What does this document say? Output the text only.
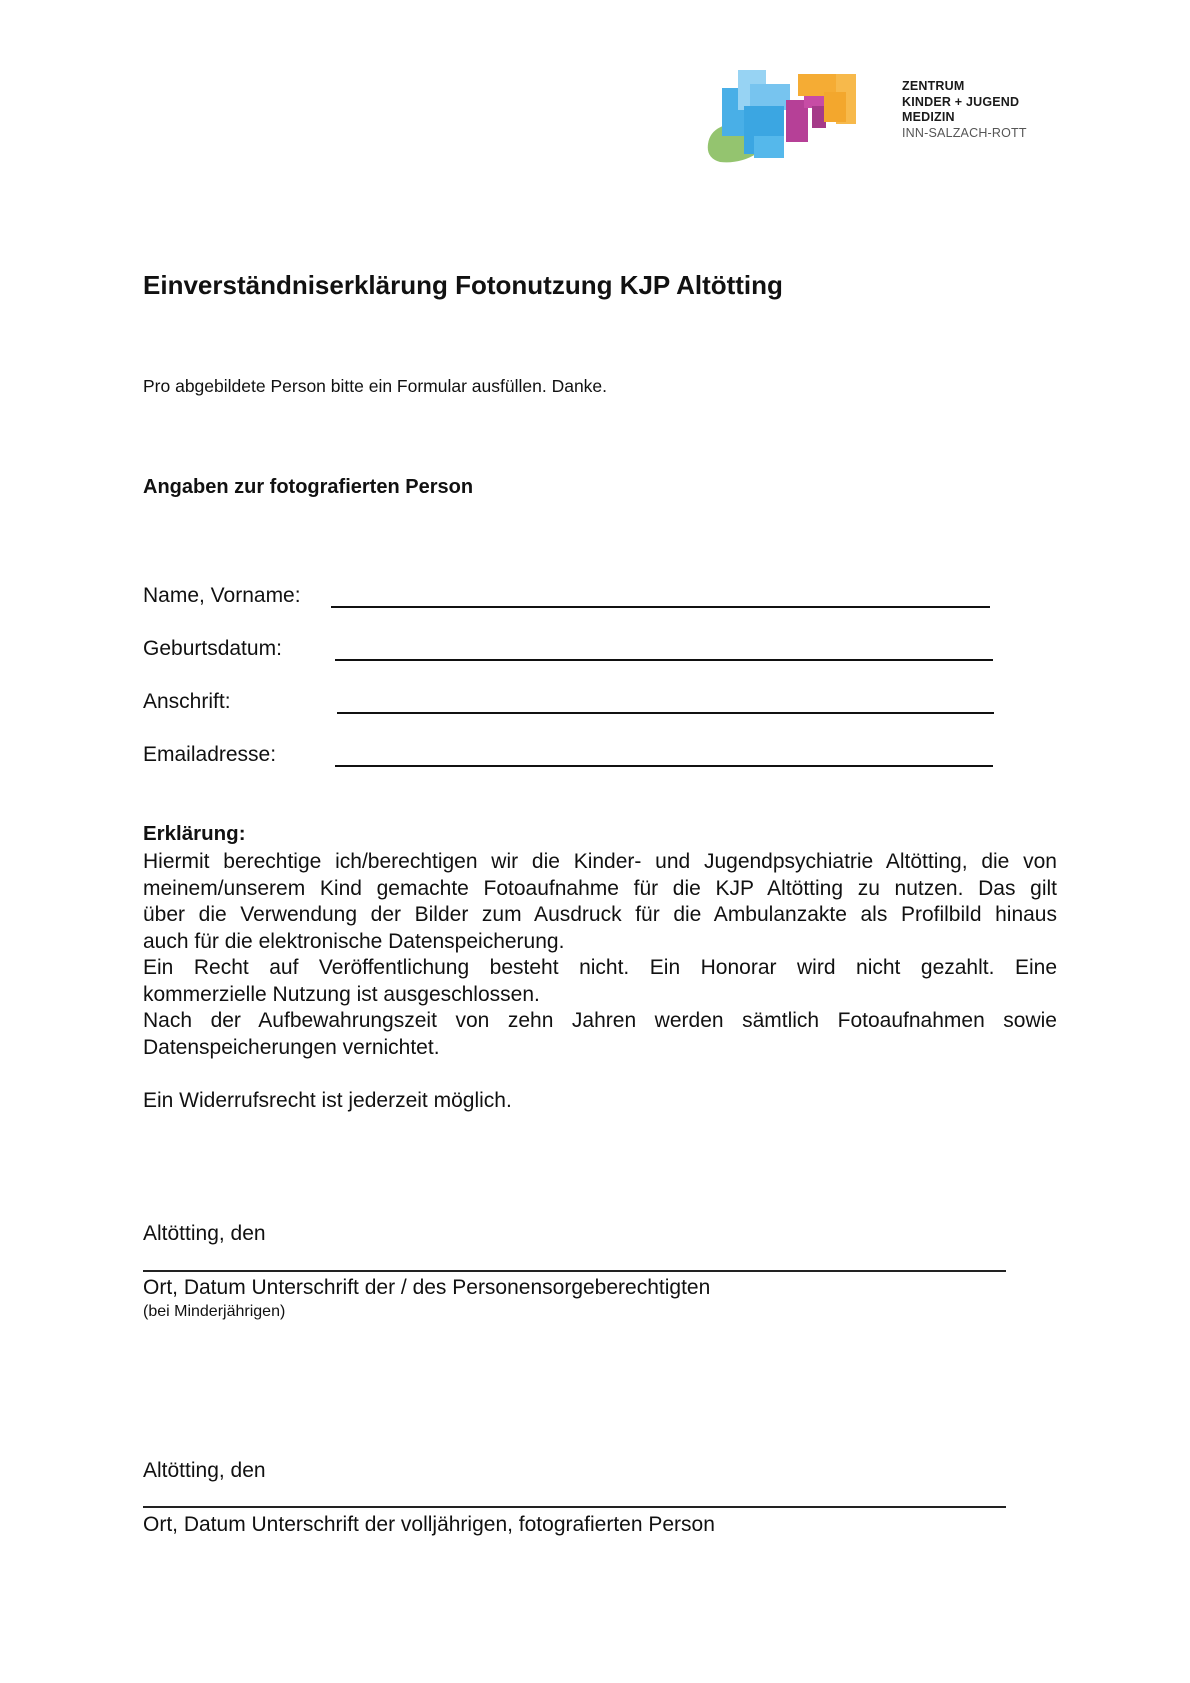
ZENTRUM
KINDER + JUGEND
MEDIZIN
INN-SALZACH-ROTT
Einverständniserklärung Fotonutzung KJP Altötting
Pro abgebildete Person bitte ein Formular ausfüllen. Danke.
Angaben zur fotografierten Person
Name, Vorname:
Geburtsdatum:
Anschrift:
Emailadresse:
Erklärung:
Hiermit berechtige ich/berechtigen wir die Kinder- und Jugendpsychiatrie Altötting, die von
meinem/unserem Kind gemachte Fotoaufnahme für die KJP Altötting zu nutzen. Das gilt
über die Verwendung der Bilder zum Ausdruck für die Ambulanzakte als Profilbild hinaus
auch für die elektronische Datenspeicherung.
Ein Recht auf Veröffentlichung besteht nicht. Ein Honorar wird nicht gezahlt. Eine
kommerzielle Nutzung ist ausgeschlossen.
Nach der Aufbewahrungszeit von zehn Jahren werden sämtlich Fotoaufnahmen sowie
Datenspeicherungen vernichtet.
Ein Widerrufsrecht ist jederzeit möglich.
Altötting, den
Ort, Datum Unterschrift der / des Personensorgeberechtigten
(bei Minderjährigen)
Altötting, den
Ort, Datum Unterschrift der volljährigen, fotografierten Person
